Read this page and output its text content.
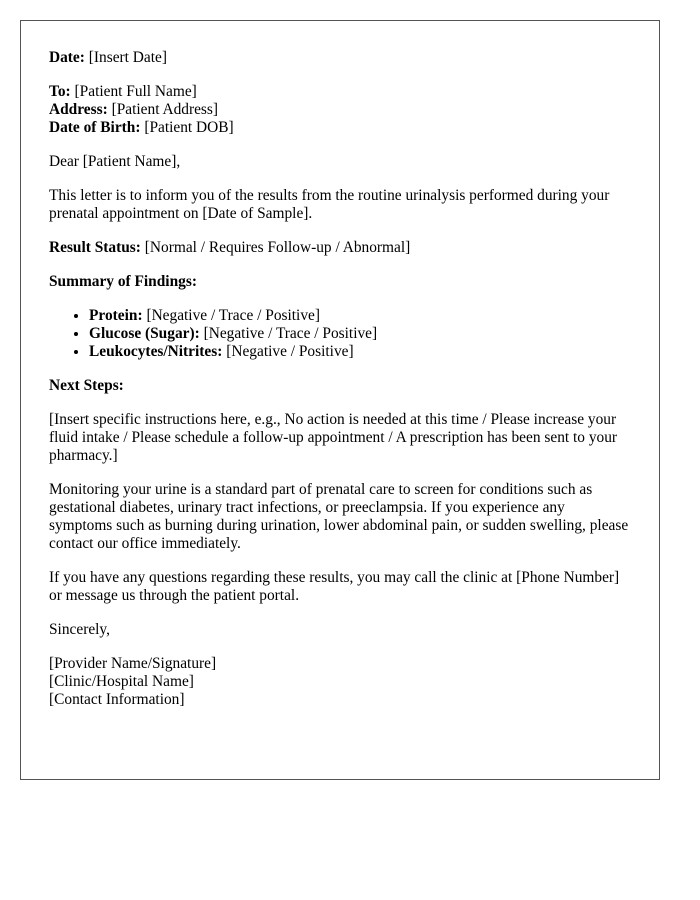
Date: [Insert Date]

To: [Patient Full Name]

Address: [Patient Address]

Date of Birth: [Patient DOB]

Dear [Patient Name],

This letter is to inform you of the results from the routine urinalysis performed during your prenatal appointment on [Date of Sample].

Result Status: [Normal / Requires Follow-up / Abnormal]

Summary of Findings:

• Protein: [Negative / Trace / Positive]
• Glucose (Sugar): [Negative / Trace / Positive]
• Leukocytes/Nitrites: [Negative / Positive]

Next Steps:

[Insert specific instructions here, e.g., No action is needed at this time / Please increase your fluid intake / Please schedule a follow-up appointment / A prescription has been sent to your pharmacy.]

Monitoring your urine is a standard part of prenatal care to screen for conditions such as gestational diabetes, urinary tract infections, or preeclampsia. If you experience any symptoms such as burning during urination, lower abdominal pain, or sudden swelling, please contact our office immediately.

If you have any questions regarding these results, you may call the clinic at [Phone Number] or message us through the patient portal.

Sincerely,

[Provider Name/Signature]

[Clinic/Hospital Name]

[Contact Information]
